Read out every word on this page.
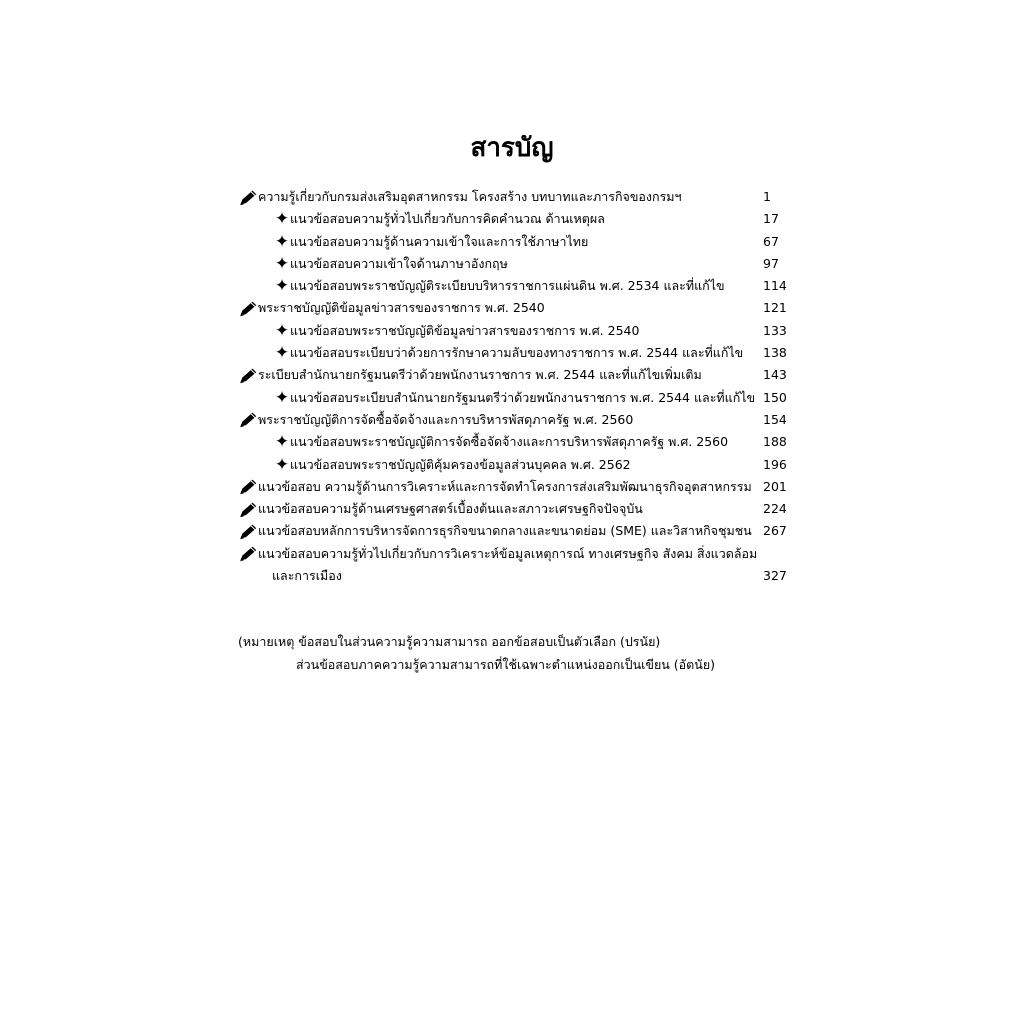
สารบัญ
ความรู้เกี่ยวกับกรมส่งเสริมอุตสาหกรรม โครงสร้าง บทบาทและภารกิจของกรมฯ	1
✦ แนวข้อสอบความรู้ทั่วไปเกี่ยวกับการคิดคำนวณ ด้านเหตุผล	17
✦ แนวข้อสอบความรู้ด้านความเข้าใจและการใช้ภาษาไทย	67
✦ แนวข้อสอบความเข้าใจด้านภาษาอังกฤษ	97
✦ แนวข้อสอบพระราชบัญญัติระเบียบบริหารราชการแผ่นดิน พ.ศ. 2534 และที่แก้ไข	114
พระราชบัญญัติข้อมูลข่าวสารของราชการ พ.ศ. 2540	121
✦ แนวข้อสอบพระราชบัญญัติข้อมูลข่าวสารของราชการ พ.ศ. 2540	133
✦ แนวข้อสอบระเบียบว่าด้วยการรักษาความลับของทางราชการ พ.ศ. 2544 และที่แก้ไข 138
ระเบียบสำนักนายกรัฐมนตรีว่าด้วยพนักงานราชการ พ.ศ. 2544 และที่แก้ไขเพิ่มเติม	143
✦ แนวข้อสอบระเบียบสำนักนายกรัฐมนตรีว่าด้วยพนักงานราชการ พ.ศ. 2544 และที่แก้ไข 150
พระราชบัญญัติการจัดซื้อจัดจ้างและการบริหารพัสดุภาครัฐ พ.ศ. 2560	154
✦ แนวข้อสอบพระราชบัญญัติการจัดซื้อจัดจ้างและการบริหารพัสดุภาครัฐ พ.ศ. 2560	188
✦ แนวข้อสอบพระราชบัญญัติคุ้มครองข้อมูลส่วนบุคคล พ.ศ. 2562	196
แนวข้อสอบ ความรู้ด้านการวิเคราะห์และการจัดทำโครงการส่งเสริมพัฒนาธุรกิจอุตสาหกรรม 201
แนวข้อสอบความรู้ด้านเศรษฐศาสตร์เบื้องต้นและสภาวะเศรษฐกิจปัจจุบัน	224
แนวข้อสอบหลักการบริหารจัดการธุรกิจขนาดกลางและขนาดย่อม (SME) และวิสาหกิจชุมชน 267
แนวข้อสอบความรู้ทั่วไปเกี่ยวกับการวิเคราะห์ข้อมูลเหตุการณ์ ทางเศรษฐกิจ สังคม สิ่งแวดล้อม
และการเมือง	327
(หมายเหตุ ข้อสอบในส่วนความรู้ความสามารถ ออกข้อสอบเป็นตัวเลือก (ปรนัย)
ส่วนข้อสอบภาคความรู้ความสามารถที่ใช้เฉพาะตำแหน่งออกเป็นเขียน (อัตนัย)
